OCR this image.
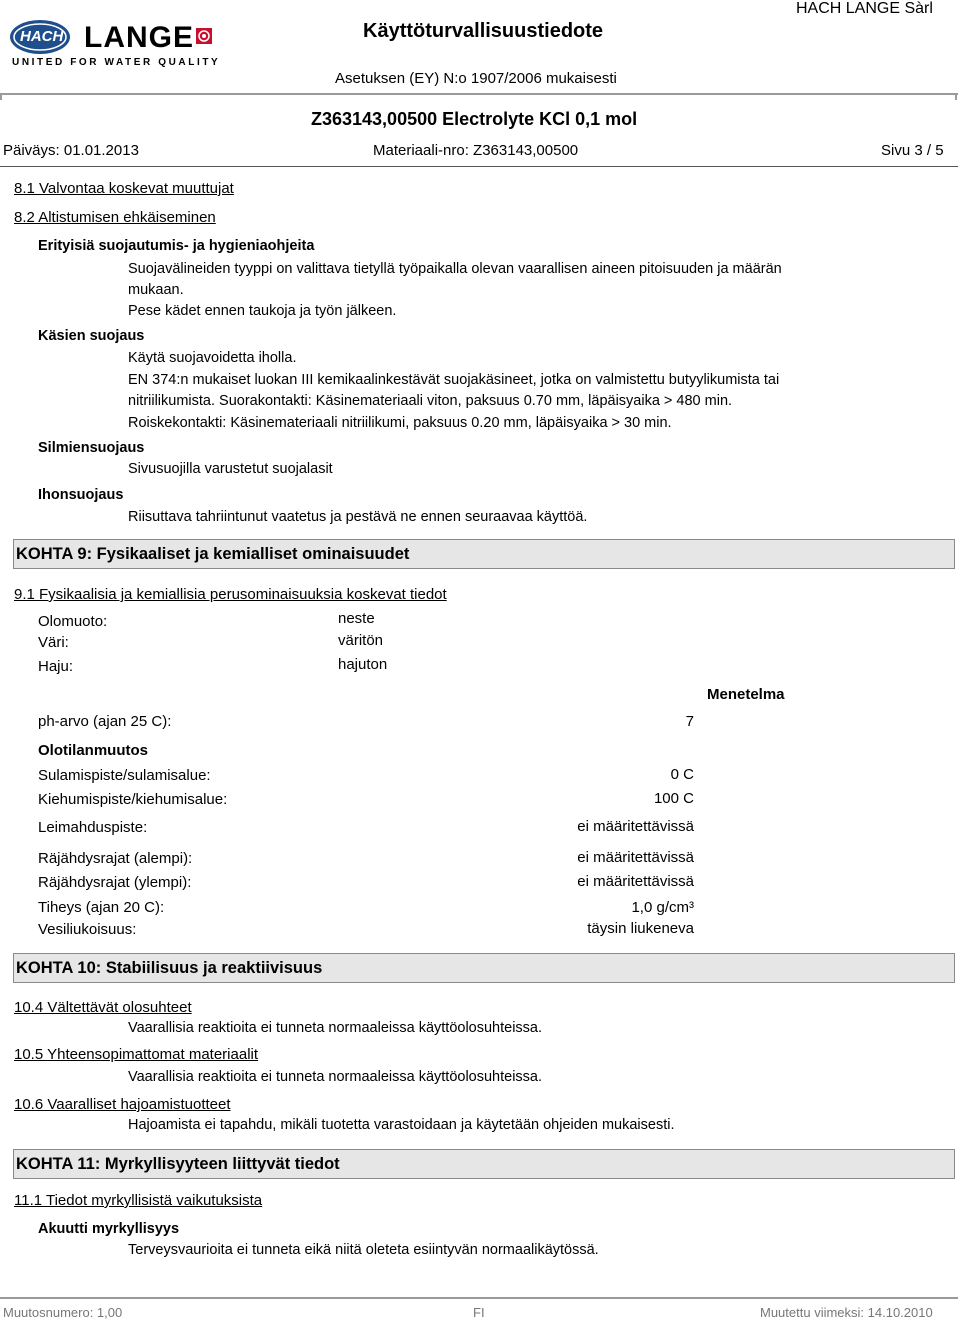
HACH LANGE
UNITED FOR WATER QUALITY
Käyttöturvallisuustiedote
HACH LANGE Sàrl
Asetuksen (EY) N:o 1907/2006 mukaisesti
Z363143,00500 Electrolyte KCl 0,1 mol
Päiväys: 01.01.2013	Materiaali-nro: Z363143,00500	Sivu 3 / 5
8.1 Valvontaa koskevat muuttujat
8.2 Altistumisen ehkäiseminen
Erityisiä suojautumis- ja hygieniaohjeita
Suojavälineiden tyyppi on valittava tietyllä työpaikalla olevan vaarallisen aineen pitoisuuden ja määrän
mukaan.
Pese kädet ennen taukoja ja työn jälkeen.
Käsien suojaus
Käytä suojavoidetta iholla.
EN 374:n mukaiset luokan III kemikaalinkestävät suojakäsineet, jotka on valmistettu butyylikumista tai
nitriilikumista. Suorakontakti: Käsinemateriaali viton, paksuus 0.70 mm, läpäisyaika > 480 min.
Roiskekontakti: Käsinemateriaali nitriilikumi, paksuus 0.20 mm, läpäisyaika > 30 min.
Silmiensuojaus
Sivusuojilla varustetut suojalasit
Ihonsuojaus
Riisuttava tahriintunut vaatetus ja pestävä ne ennen seuraavaa käyttöä.
KOHTA 9: Fysikaaliset ja kemialliset ominaisuudet
9.1 Fysikaalisia ja kemiallisia perusominaisuuksia koskevat tiedot
Olomuoto:	neste
Väri:	väritön
Haju:	hajuton
Menetelma
ph-arvo (ajan 25 C):	7
Olotilanmuutos
Sulamispiste/sulamisalue:	0 C
Kiehumispiste/kiehumisalue:	100 C
Leimahduspiste:	ei määritettävissä
Räjähdysrajat (alempi):	ei määritettävissä
Räjähdysrajat (ylempi):	ei määritettävissä
Tiheys (ajan 20 C):	1,0 g/cm³
Vesiliukoisuus:	täysin liukeneva
KOHTA 10: Stabiilisuus ja reaktiivisuus
10.4 Vältettävät olosuhteet
Vaarallisia reaktioita ei tunneta normaaleissa käyttöolosuhteissa.
10.5 Yhteensopimattomat materiaalit
Vaarallisia reaktioita ei tunneta normaaleissa käyttöolosuhteissa.
10.6 Vaaralliset hajoamistuotteet
Hajoamista ei tapahdu, mikäli tuotetta varastoidaan ja käytetään ohjeiden mukaisesti.
KOHTA 11: Myrkyllisyyteen liittyvät tiedot
11.1 Tiedot myrkyllisistä vaikutuksista
Akuutti myrkyllisyys
Terveysvaurioita ei tunneta eikä niitä oleteta esiintyvän normaalikäytössä.
Muutosnumero: 1,00	FI	Muutettu viimeksi: 14.10.2010
